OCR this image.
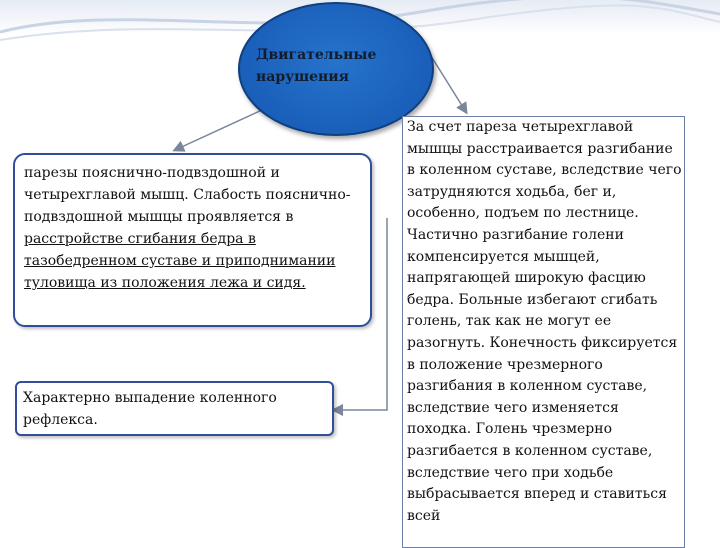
Двигательные
нарушения
парезы пояснично-подвздошной и четырехглавой мышц. Слабость пояснично-подвздошной мышцы проявляется в расстройстве сгибания бедра в тазобедренном суставе и приподнимании туловища из положения лежа и сидя.
Характерно выпадение коленного рефлекса.
За счет пареза четырехглавой мышцы расстраивается разгибание в коленном суставе, вследствие чего затрудняются ходьба, бег и, особенно, подъем по лестнице. Частично разгибание голени компенсируется мышцей, напрягающей широкую фасцию бедра. Больные избегают сгибать голень, так как не могут ее разогнуть. Конечность фиксируется в положение чрезмерного разгибания в коленном суставе, вследствие чего изменяется походка. Голень чрезмерно разгибается в коленном суставе, вследствие чего при ходьбе выбрасывается вперед и ставиться всей
